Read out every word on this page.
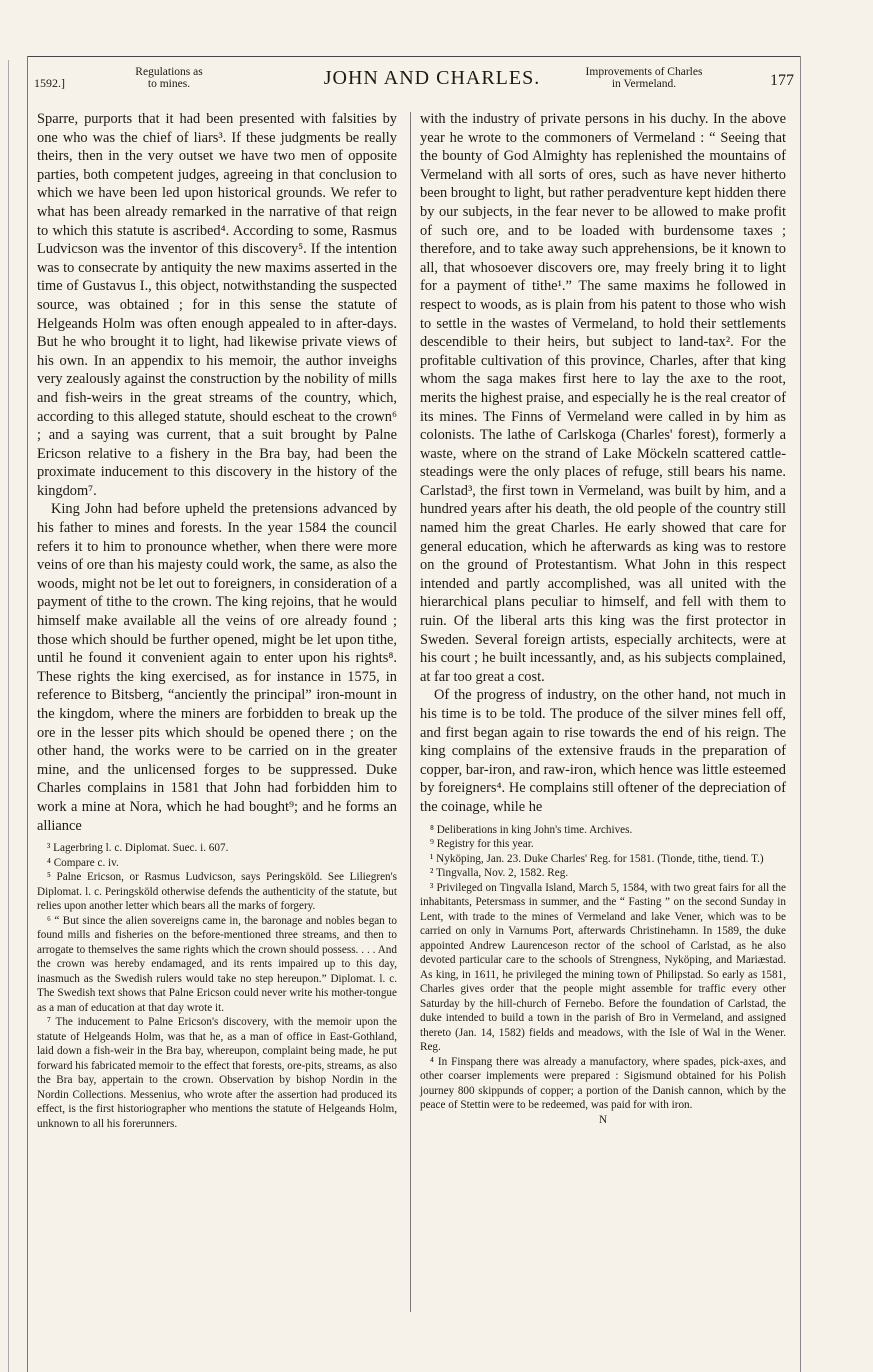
1592.]
Regulations as
to mines.	JOHN AND CHARLES.	Improvements of Charles
in Vermeland.	177

Sparre, purports that it had been presented with falsities by one who was the chief of liars³. If these judgments be really theirs, then in the very outset we have two men of opposite parties, both competent judges, agreeing in that conclusion to which we have been led upon historical grounds. We refer to what has been already remarked in the narrative of that reign to which this statute is ascribed⁴. According to some, Rasmus Ludvicson was the inventor of this discovery⁵. If the intention was to consecrate by antiquity the new maxims asserted in the time of Gustavus I., this object, notwithstanding the suspected source, was obtained ; for in this sense the statute of Helgeands Holm was often enough appealed to in after-days. But he who brought it to light, had likewise private views of his own. In an appendix to his memoir, the author inveighs very zealously against the construction by the nobility of mills and fish-weirs in the great streams of the country, which, according to this alleged statute, should escheat to the crown⁶ ; and a saying was current, that a suit brought by Palne Ericson relative to a fishery in the Bra bay, had been the proximate inducement to this discovery in the history of the kingdom⁷.

King John had before upheld the pretensions advanced by his father to mines and forests. In the year 1584 the council refers it to him to pronounce whether, when there were more veins of ore than his majesty could work, the same, as also the woods, might not be let out to foreigners, in consideration of a payment of tithe to the crown. The king rejoins, that he would himself make available all the veins of ore already found ; those which should be further opened, might be let upon tithe, until he found it convenient again to enter upon his rights⁸. These rights the king exercised, as for instance in 1575, in reference to Bitsberg, “anciently the principal” iron-mount in the kingdom, where the miners are forbidden to break up the ore in the lesser pits which should be opened there ; on the other hand, the works were to be carried on in the greater mine, and the unlicensed forges to be suppressed. Duke Charles complains in 1581 that John had forbidden him to work a mine at Nora, which he had bought⁹; and he forms an alliance

³ Lagerbring l. c. Diplomat. Suec. i. 607.

⁴ Compare c. iv.

⁵ Palne Ericson, or Rasmus Ludvicson, says Peringsköld. See Liliegren's Diplomat. l. c. Peringsköld otherwise defends the authenticity of the statute, but relies upon another letter which bears all the marks of forgery.

⁶ “ But since the alien sovereigns came in, the baronage and nobles began to found mills and fisheries on the before-mentioned three streams, and then to arrogate to themselves the same rights which the crown should possess. . . . And the crown was hereby endamaged, and its rents impaired up to this day, inasmuch as the Swedish rulers would take no step hereupon.” Diplomat. l. c. The Swedish text shows that Palne Ericson could never write his mother-tongue as a man of education at that day wrote it.

⁷ The inducement to Palne Ericson's discovery, with the memoir upon the statute of Helgeands Holm, was that he, as a man of office in East-Gothland, laid down a fish-weir in the Bra bay, whereupon, complaint being made, he put forward his fabricated memoir to the effect that forests, ore-pits, streams, as also the Bra bay, appertain to the crown. Observation by bishop Nordin in the Nordin Collections. Messenius, who wrote after the assertion had produced its effect, is the first historiographer who mentions the statute of Helgeands Holm, unknown to all his forerunners.

with the industry of private persons in his duchy. In the above year he wrote to the commoners of Vermeland : “ Seeing that the bounty of God Almighty has replenished the mountains of Vermeland with all sorts of ores, such as have never hitherto been brought to light, but rather peradventure kept hidden there by our subjects, in the fear never to be allowed to make profit of such ore, and to be loaded with burdensome taxes ; therefore, and to take away such apprehensions, be it known to all, that whosoever discovers ore, may freely bring it to light for a payment of tithe¹.” The same maxims he followed in respect to woods, as is plain from his patent to those who wish to settle in the wastes of Vermeland, to hold their settlements descendible to their heirs, but subject to land-tax². For the profitable cultivation of this province, Charles, after that king whom the saga makes first here to lay the axe to the root, merits the highest praise, and especially he is the real creator of its mines. The Finns of Vermeland were called in by him as colonists. The lathe of Carlskoga (Charles' forest), formerly a waste, where on the strand of Lake Möckeln scattered cattle-steadings were the only places of refuge, still bears his name. Carlstad³, the first town in Vermeland, was built by him, and a hundred years after his death, the old people of the country still named him the great Charles. He early showed that care for general education, which he afterwards as king was to restore on the ground of Protestantism. What John in this respect intended and partly accomplished, was all united with the hierarchical plans peculiar to himself, and fell with them to ruin. Of the liberal arts this king was the first protector in Sweden. Several foreign artists, especially architects, were at his court ; he built incessantly, and, as his subjects complained, at far too great a cost.

Of the progress of industry, on the other hand, not much in his time is to be told. The produce of the silver mines fell off, and first began again to rise towards the end of his reign. The king complains of the extensive frauds in the preparation of copper, bar-iron, and raw-iron, which hence was little esteemed by foreigners⁴. He complains still oftener of the depreciation of the coinage, while he

⁸ Deliberations in king John's time. Archives.

⁹ Registry for this year.

¹ Nyköping, Jan. 23. Duke Charles' Reg. for 1581. (Tionde, tithe, tiend. T.)

² Tingvalla, Nov. 2, 1582. Reg.

³ Privileged on Tingvalla Island, March 5, 1584, with two great fairs for all the inhabitants, Petersmass in summer, and the “ Fasting ” on the second Sunday in Lent, with trade to the mines of Vermeland and lake Vener, which was to be carried on only in Varnums Port, afterwards Christinehamn. In 1589, the duke appointed Andrew Laurenceson rector of the school of Carlstad, as he also devoted particular care to the schools of Strengness, Nyköping, and Mariæstad. As king, in 1611, he privileged the mining town of Philipstad. So early as 1581, Charles gives order that the people might assemble for traffic every other Saturday by the hill-church of Fernebo. Before the foundation of Carlstad, the duke intended to build a town in the parish of Bro in Vermeland, and assigned thereto (Jan. 14, 1582) fields and meadows, with the Isle of Wal in the Wener. Reg.

⁴ In Finspang there was already a manufactory, where spades, pick-axes, and other coarser implements were prepared : Sigismund obtained for his Polish journey 800 skippunds of copper; a portion of the Danish cannon, which by the peace of Stettin were to be redeemed, was paid for with iron.

N
